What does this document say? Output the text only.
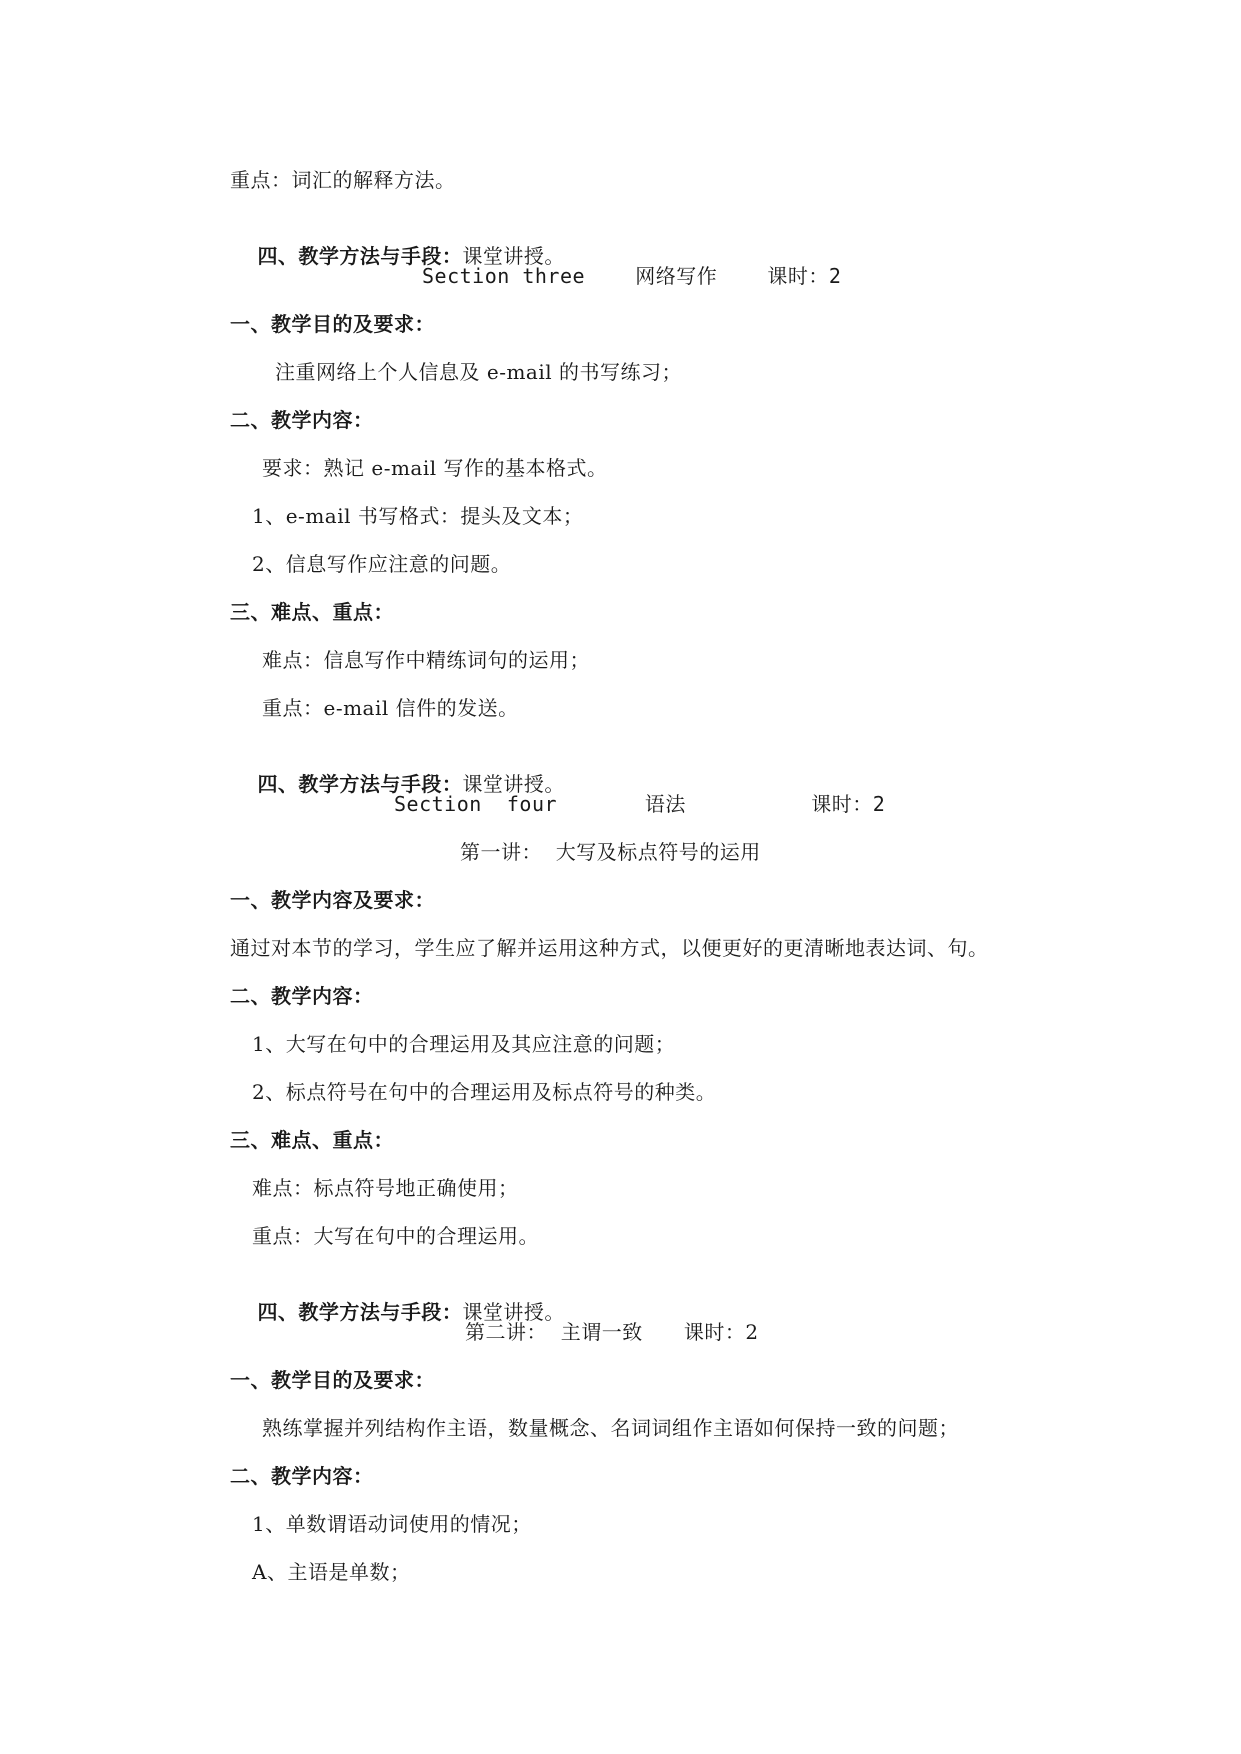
重点：词汇的解释方法。

四、教学方法与手段：课堂讲授。

Section three    网络写作    课时：2
一、教学目的及要求：
注重网络上个人信息及 e-mail 的书写练习；
二、教学内容：
要求：熟记 e-mail 写作的基本格式。
1、e-mail 书写格式：提头及文本；
2、信息写作应注意的问题。
三、难点、重点：
难点：信息写作中精练词句的运用；
重点：e-mail 信件的发送。

四、教学方法与手段：课堂讲授。

Section  four       语法          课时：2
第一讲：  大写及标点符号的运用
一、教学内容及要求：
通过对本节的学习，学生应了解并运用这种方式，以便更好的更清晰地表达词、句。
二、教学内容：
1、大写在句中的合理运用及其应注意的问题；
2、标点符号在句中的合理运用及标点符号的种类。
三、难点、重点：
难点：标点符号地正确使用；
重点：大写在句中的合理运用。

四、教学方法与手段：课堂讲授。

第二讲：  主谓一致      课时：2
一、教学目的及要求：
熟练掌握并列结构作主语，数量概念、名词词组作主语如何保持一致的问题；
二、教学内容：
1、单数谓语动词使用的情况；
A、主语是单数；
